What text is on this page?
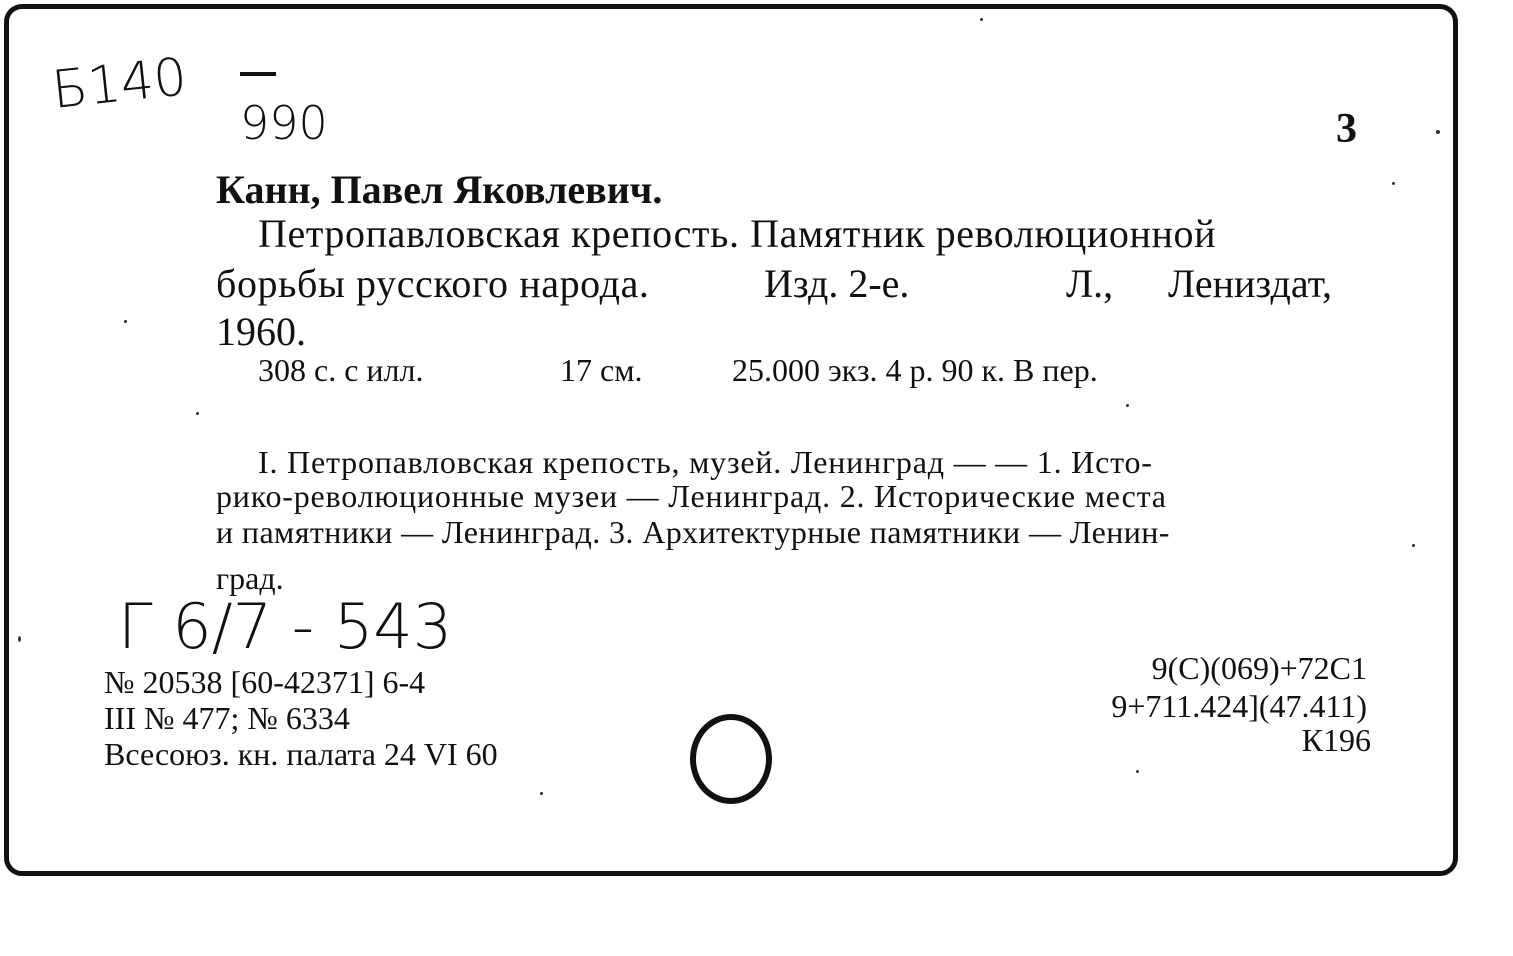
Б140
990
Г 6/7 - 543
3
Канн, Павел Яковлевич.
Петропавловская крепость. Памятник революционной
борьбы русского народа.	Изд. 2-е.	Л., Лениздат,
1960.
308 с. с илл.	17 см.	25.000 экз. 4 р. 90 к. В пер.
I. Петропавловская крепость, музей. Ленинград — — 1. Исто-
рико-революционные музеи — Ленинград. 2. Исторические места
и памятники — Ленинград. 3. Архитектурные памятники — Ленин-
град.
№ 20538 [60-42371] 6-4
III № 477; № 6334
Всесоюз. кн. палата 24 VI 60
9(С)(069)+72С1
9+711.424](47.411)
К196
